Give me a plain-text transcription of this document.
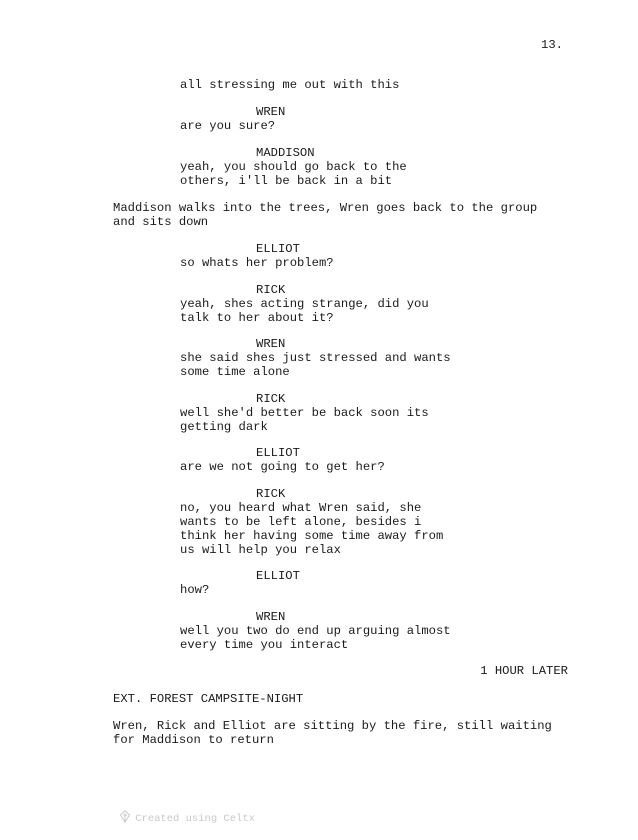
13.
all stressing me out with this
WREN
are you sure?
MADDISON
yeah, you should go back to the
others, i'll be back in a bit
Maddison walks into the trees, Wren goes back to the group
and sits down
ELLIOT
so whats her problem?
RICK
yeah, shes acting strange, did you
talk to her about it?
WREN
she said shes just stressed and wants
some time alone
RICK
well she'd better be back soon its
getting dark
ELLIOT
are we not going to get her?
RICK
no, you heard what Wren said, she
wants to be left alone, besides i
think her having some time away from
us will help you relax
ELLIOT
how?
WREN
well you two do end up arguing almost
every time you interact
1 HOUR LATER
EXT. FOREST CAMPSITE-NIGHT
Wren, Rick and Elliot are sitting by the fire, still waiting
for Maddison to return

Created using Celtx
